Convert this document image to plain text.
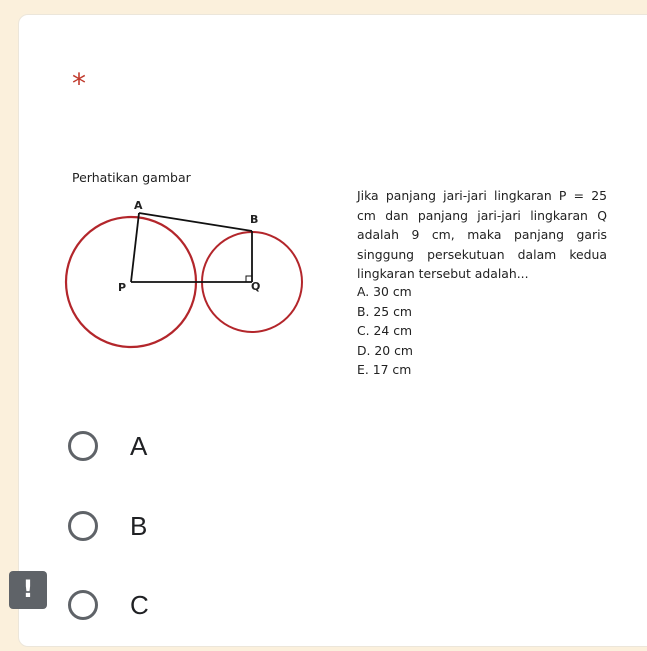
*
A
B
P	Q
Perhatikan gambar
Jika panjang jari-jari lingkaran P = 25 cm dan panjang jari-jari lingkaran Q adalah 9 cm, maka panjang garis singgung persekutuan dalam kedua lingkaran tersebut adalah...
A. 30 cm
B. 25 cm
C. 24 cm
D. 20 cm
E. 17 cm
A
B
C
!
